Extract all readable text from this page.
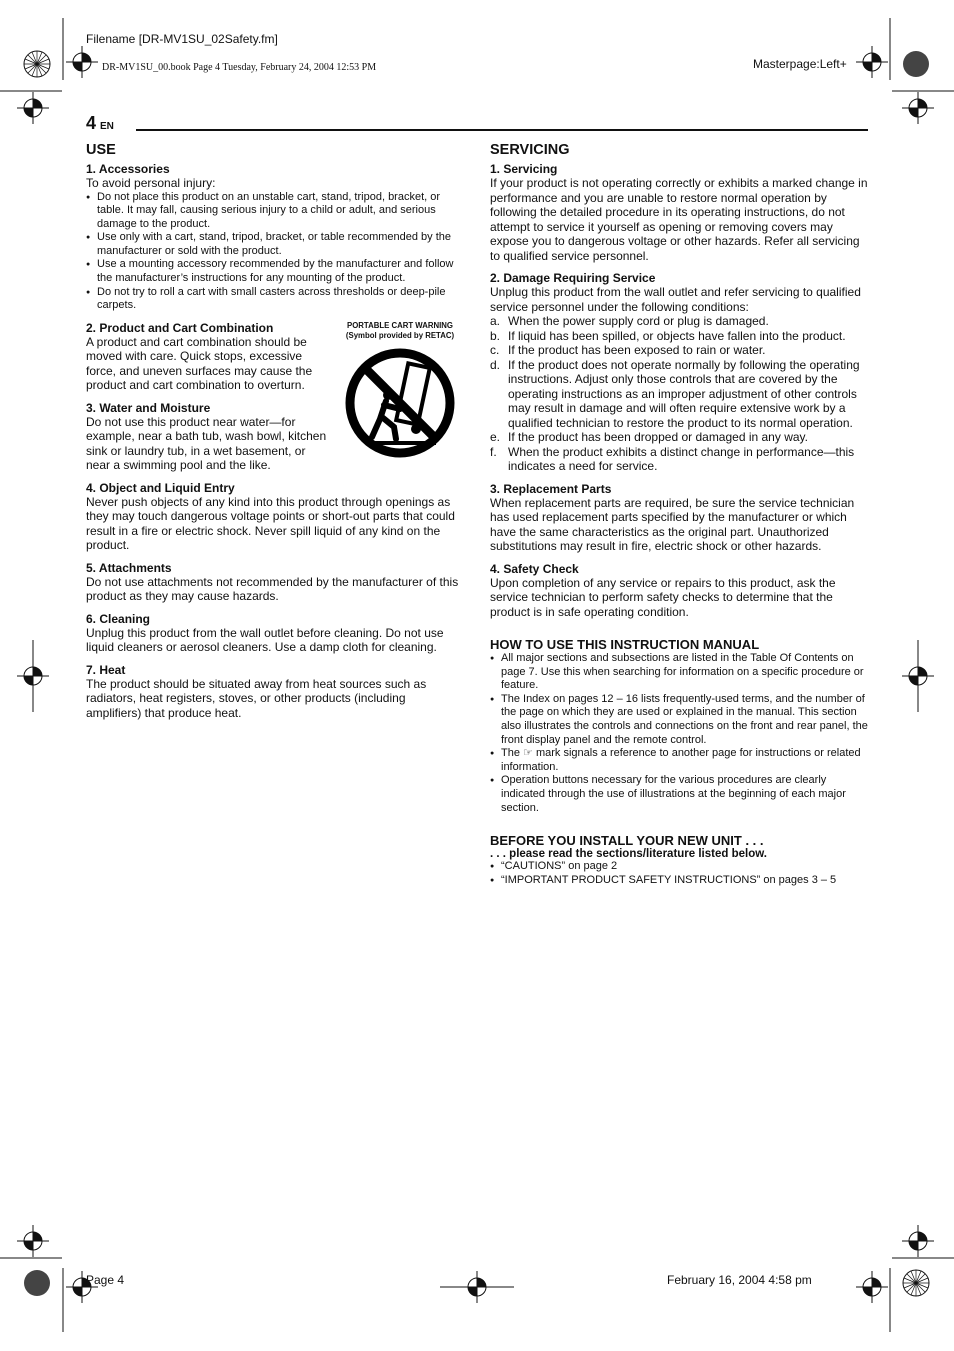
Filename [DR-MV1SU_02Safety.fm]
DR-MV1SU_00.book Page 4 Tuesday, February 24, 2004 12:53 PM	Masterpage:Left+
4 EN
USE
1. Accessories

To avoid personal injury:

● Do not place this product on an unstable cart, stand, tripod, bracket, or table. It may fall, causing serious injury to a child or adult, and serious damage to the product.
● Use only with a cart, stand, tripod, bracket, or table recommended by the manufacturer or sold with the product.
● Use a mounting accessory recommended by the manufacturer and follow the manufacturer’s instructions for any mounting of the product.
● Do not try to roll a cart with small casters across thresholds or deep-pile carpets.
PORTABLE CART WARNING
(Symbol provided by RETAC)
2. Product and Cart Combination

A product and cart combination should be moved with care. Quick stops, excessive force, and uneven surfaces may cause the product and cart combination to overturn.

3. Water and Moisture

Do not use this product near water—for example, near a bath tub, wash bowl, kitchen sink or laundry tub, in a wet basement, or near a swimming pool and the like.

4. Object and Liquid Entry

Never push objects of any kind into this product through openings as they may touch dangerous voltage points or short-out parts that could result in a fire or electric shock. Never spill liquid of any kind on the product.

5. Attachments

Do not use attachments not recommended by the manufacturer of this product as they may cause hazards.

6. Cleaning

Unplug this product from the wall outlet before cleaning. Do not use liquid cleaners or aerosol cleaners. Use a damp cloth for cleaning.

7. Heat

The product should be situated away from heat sources such as radiators, heat registers, stoves, or other products (including amplifiers) that produce heat.

SERVICING
1. Servicing

If your product is not operating correctly or exhibits a marked change in performance and you are unable to restore normal operation by following the detailed procedure in its operating instructions, do not attempt to service it yourself as opening or removing covers may expose you to dangerous voltage or other hazards. Refer all servicing to qualified service personnel.

2. Damage Requiring Service

Unplug this product from the wall outlet and refer servicing to qualified service personnel under the following conditions:

a. When the power supply cord or plug is damaged.
b. If liquid has been spilled, or objects have fallen into the product.
c. If the product has been exposed to rain or water.
d. If the product does not operate normally by following the operating instructions. Adjust only those controls that are covered by the operating instructions as an improper adjustment of other controls may result in damage and will often require extensive work by a qualified technician to restore the product to its normal operation.
e. If the product has been dropped or damaged in any way.
f. When the product exhibits a distinct change in performance—this indicates a need for service.
3. Replacement Parts

When replacement parts are required, be sure the service technician has used replacement parts specified by the manufacturer or which have the same characteristics as the original part. Unauthorized substitutions may result in fire, electric shock or other hazards.

4. Safety Check

Upon completion of any service or repairs to this product, ask the service technician to perform safety checks to determine that the product is in safe operating condition.

HOW TO USE THIS INSTRUCTION MANUAL
● All major sections and subsections are listed in the Table Of Contents on page 7. Use this when searching for information on a specific procedure or feature.
● The Index on pages 12 – 16 lists frequently-used terms, and the number of the page on which they are used or explained in the manual. This section also illustrates the controls and connections on the front and rear panel, the front display panel and the remote control.
● The ☞ mark signals a reference to another page for instructions or related information.
● Operation buttons necessary for the various procedures are clearly indicated through the use of illustrations at the beginning of each major section.
BEFORE YOU INSTALL YOUR NEW UNIT . . .
. . . please read the sections/literature listed below.
● “CAUTIONS” on page 2
● “IMPORTANT PRODUCT SAFETY INSTRUCTIONS” on pages 3 – 5
Page 4	February 16, 2004 4:58 pm
